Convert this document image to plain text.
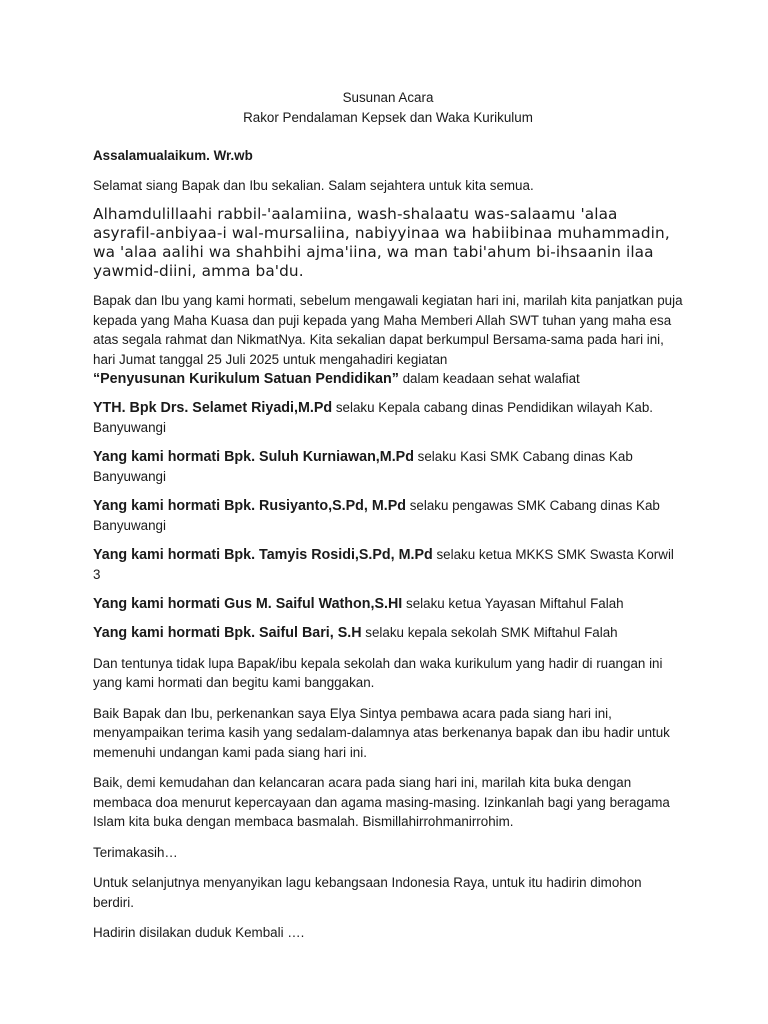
Susunan Acara
Rakor Pendalaman Kepsek dan Waka Kurikulum

Assalamualaikum. Wr.wb

Selamat siang Bapak dan Ibu sekalian. Salam sejahtera untuk kita semua.

Alhamdulillaahi rabbil-'aalamiina, wash-shalaatu was-salaamu 'alaa asyrafil-anbiyaa-i wal-mursaliina, nabiyyinaa wa habiibinaa muhammadin, wa 'alaa aalihi wa shahbihi ajma'iina, wa man tabi'ahum bi-ihsaanin ilaa yawmid-diini, amma ba'du.

Bapak dan Ibu yang kami hormati, sebelum mengawali kegiatan hari ini, marilah kita panjatkan puja kepada yang Maha Kuasa dan puji kepada yang Maha Memberi Allah SWT tuhan yang maha esa atas segala rahmat dan NikmatNya. Kita sekalian dapat berkumpul Bersama-sama pada hari ini, hari Jumat tanggal 25 Juli 2025 untuk mengahadiri kegiatan
“Penyusunan Kurikulum Satuan Pendidikan” dalam keadaan sehat walafiat

YTH. Bpk Drs. Selamet Riyadi,M.Pd selaku Kepala cabang dinas Pendidikan wilayah Kab. Banyuwangi

Yang kami hormati Bpk. Suluh Kurniawan,M.Pd selaku Kasi SMK Cabang dinas Kab Banyuwangi

Yang kami hormati Bpk. Rusiyanto,S.Pd, M.Pd selaku pengawas SMK Cabang dinas Kab Banyuwangi

Yang kami hormati Bpk. Tamyis Rosidi,S.Pd, M.Pd selaku ketua MKKS SMK Swasta Korwil 3

Yang kami hormati Gus M. Saiful Wathon,S.HI selaku ketua Yayasan Miftahul Falah

Yang kami hormati Bpk. Saiful Bari, S.H selaku kepala sekolah SMK Miftahul Falah

Dan tentunya tidak lupa Bapak/ibu kepala sekolah dan waka kurikulum yang hadir di ruangan ini yang kami hormati dan begitu kami banggakan.

Baik Bapak dan Ibu, perkenankan saya Elya Sintya pembawa acara pada siang hari ini, menyampaikan terima kasih yang sedalam-dalamnya atas berkenanya bapak dan ibu hadir untuk memenuhi undangan kami pada siang hari ini.

Baik, demi kemudahan dan kelancaran acara pada siang hari ini, marilah kita buka dengan membaca doa menurut kepercayaan dan agama masing-masing. Izinkanlah bagi yang beragama Islam kita buka dengan membaca basmalah. Bismillahirrohmanirrohim.

Terimakasih…

Untuk selanjutnya menyanyikan lagu kebangsaan Indonesia Raya, untuk itu hadirin dimohon berdiri.

Hadirin disilakan duduk Kembali ….
